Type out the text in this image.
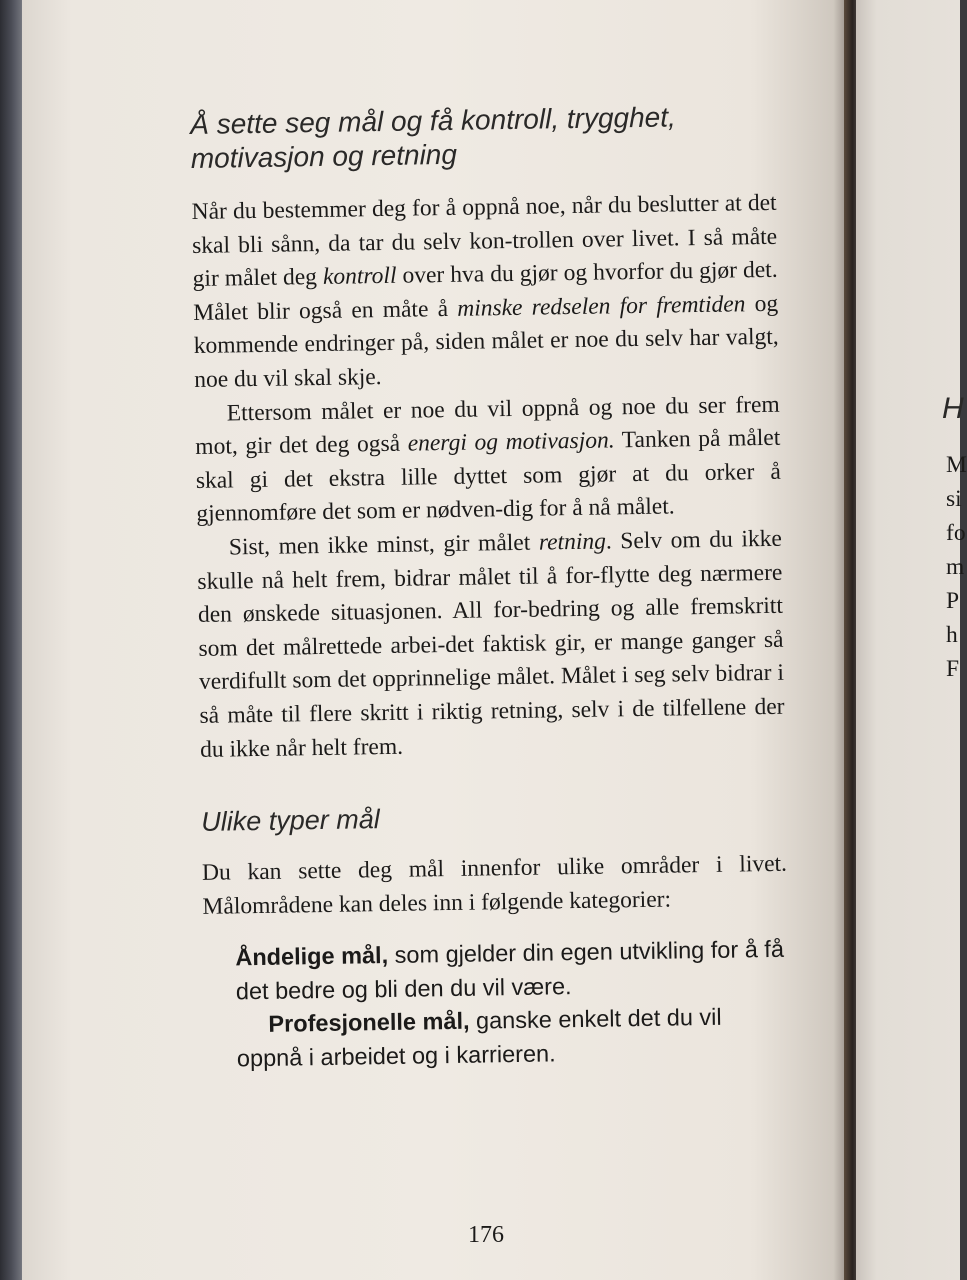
Å sette seg mål og få kontroll, trygghet, motivasjon og retning

Når du bestemmer deg for å oppnå noe, når du beslutter at det skal bli sånn, da tar du selv kon-trollen over livet. I så måte gir målet deg kontroll over hva du gjør og hvorfor du gjør det. Målet blir også en måte å minske redselen for fremtiden og kommende endringer på, siden målet er noe du selv har valgt, noe du vil skal skje.

Ettersom målet er noe du vil oppnå og noe du ser frem mot, gir det deg også energi og motivasjon. Tanken på målet skal gi det ekstra lille dyttet som gjør at du orker å gjennomføre det som er nødven-dig for å nå målet.

Sist, men ikke minst, gir målet retning. Selv om du ikke skulle nå helt frem, bidrar målet til å for-flytte deg nærmere den ønskede situasjonen. All for-bedring og alle fremskritt som det målrettede arbei-det faktisk gir, er mange ganger så verdifullt som det opprinnelige målet. Målet i seg selv bidrar i så måte til flere skritt i riktig retning, selv i de tilfellene der du ikke når helt frem.

Ulike typer mål

Du kan sette deg mål innenfor ulike områder i livet. Målområdene kan deles inn i følgende kategorier:

Åndelige mål, som gjelder din egen utvikling for å få det bedre og bli den du vil være.

Profesjonelle mål, ganske enkelt det du vil oppnå i arbeidet og i karrieren.

176
H
M
si
fo
m
P
h
F
